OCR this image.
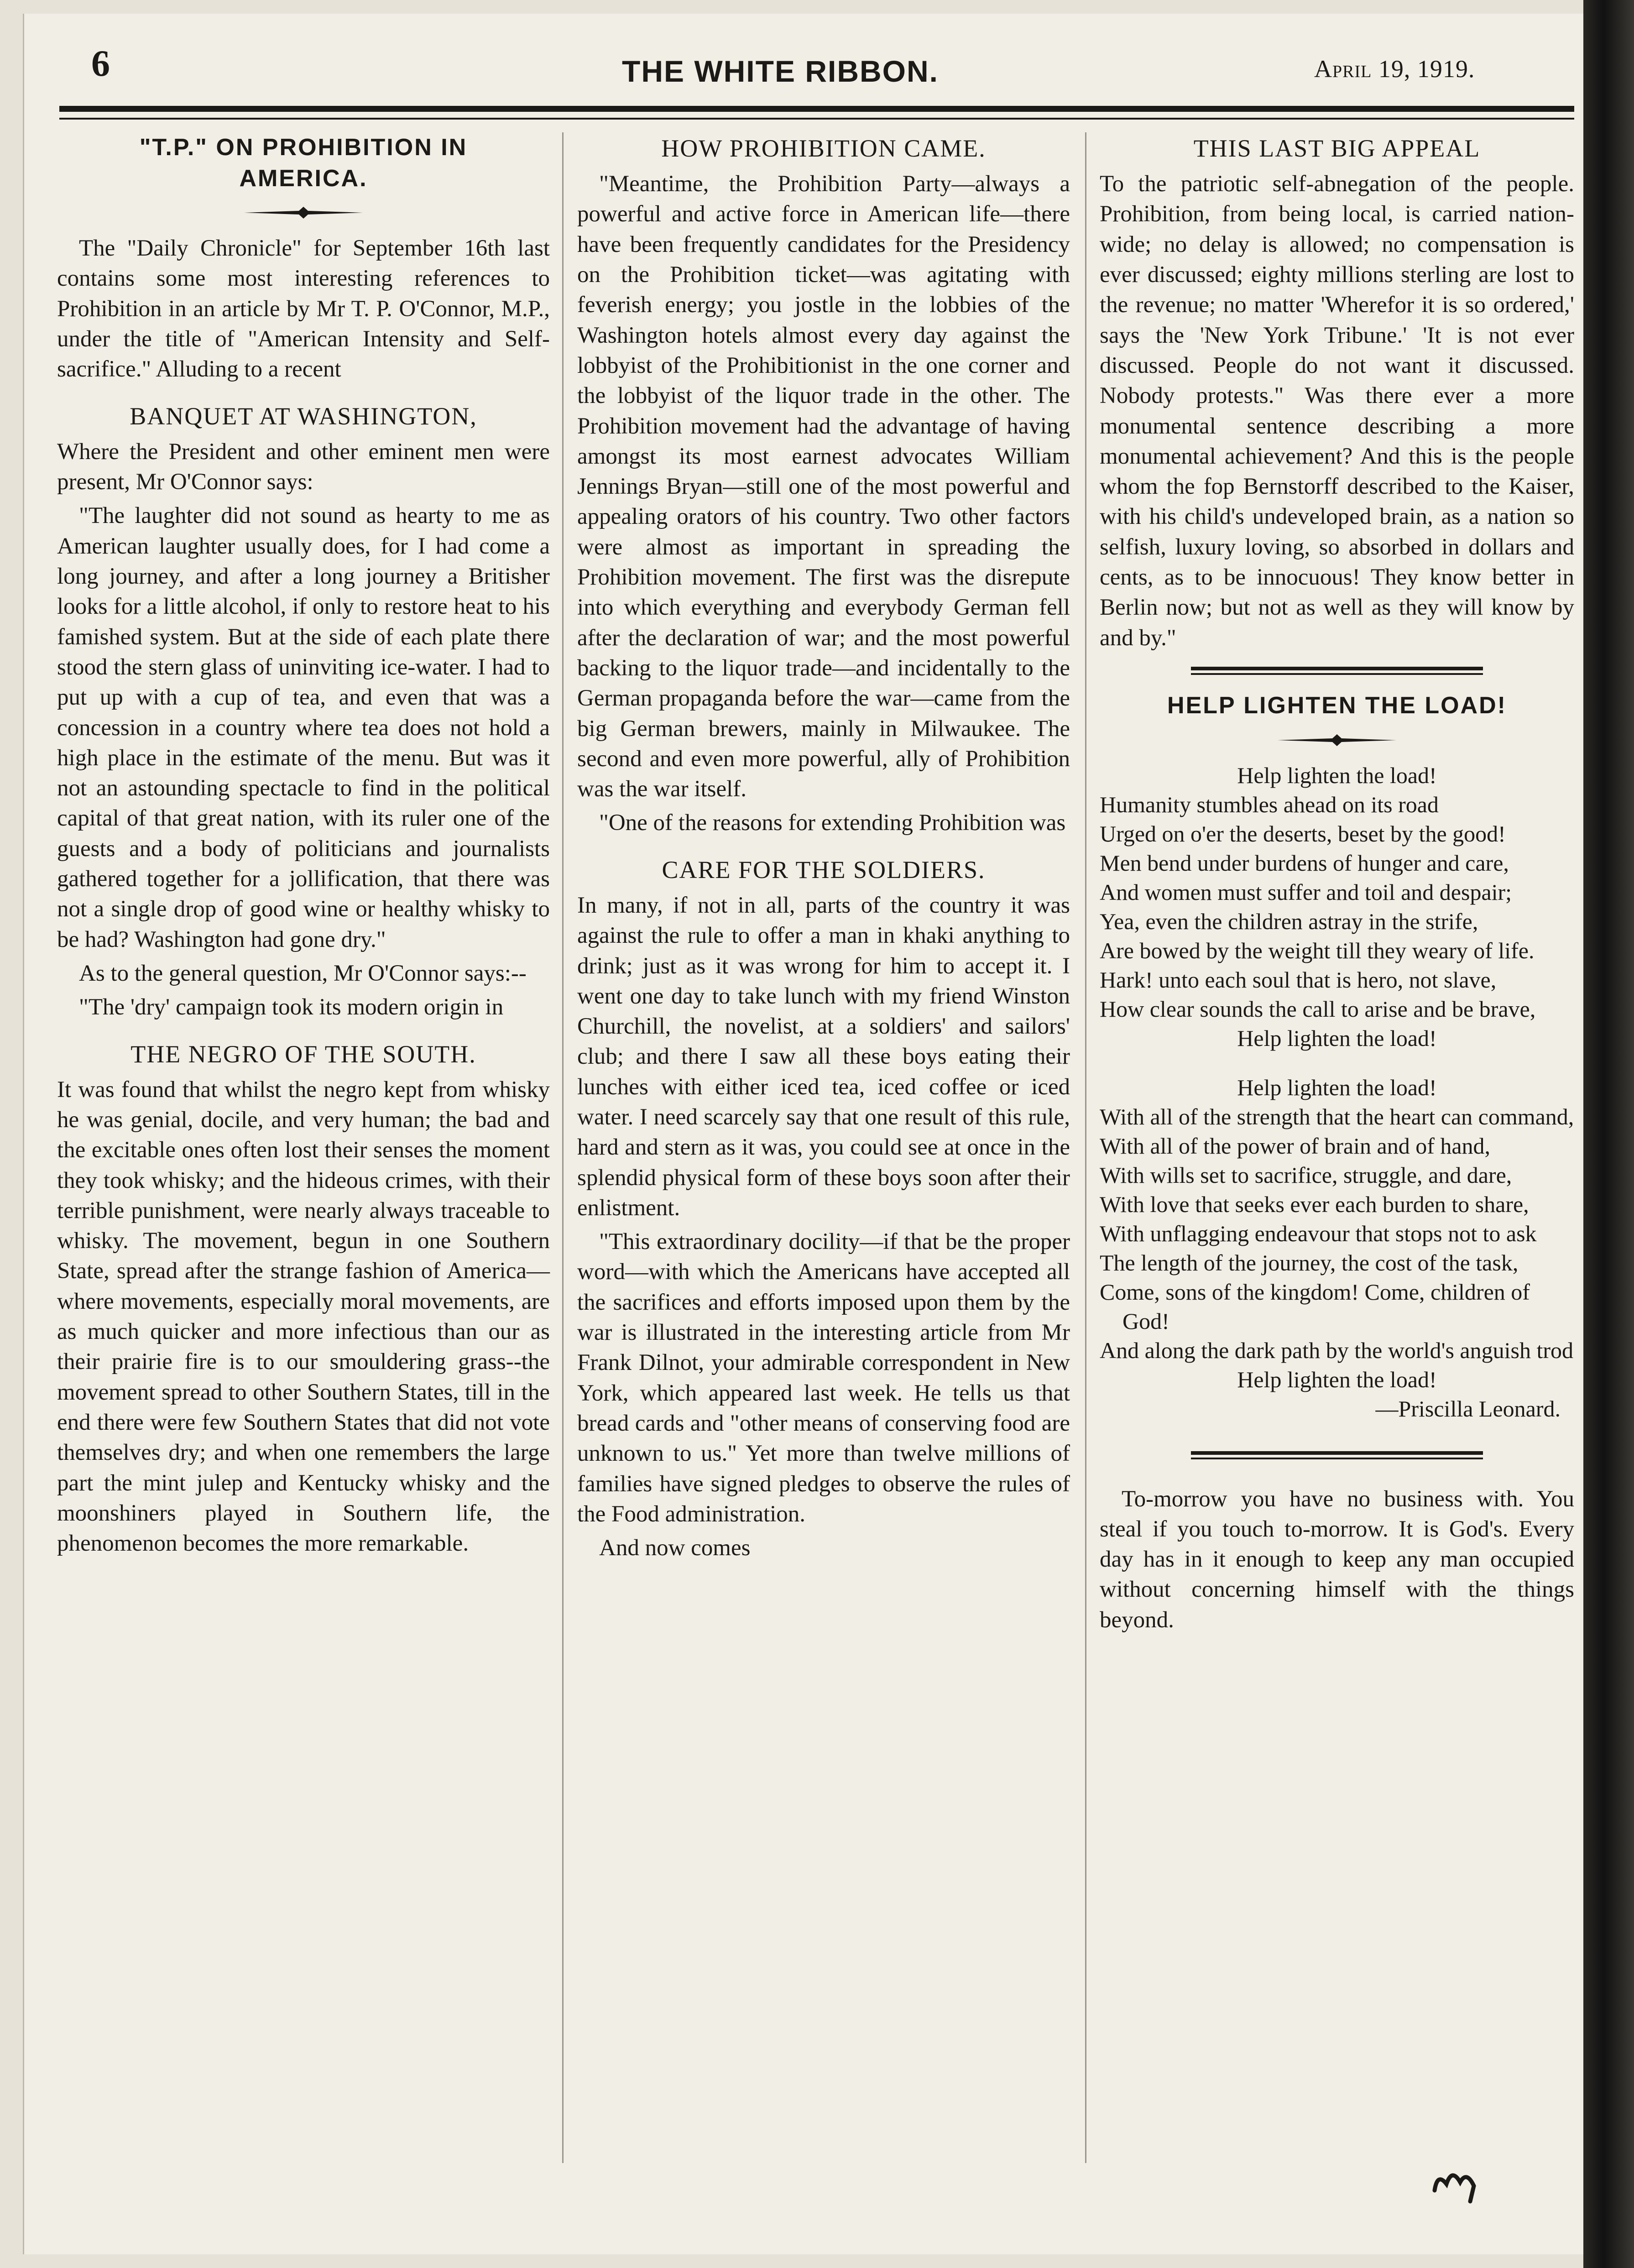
6	THE WHITE RIBBON.	April 19, 1919.
"T.P." ON PROHIBITION IN
AMERICA.

The "Daily Chronicle" for September 16th last contains some most interesting references to Prohibition in an article by Mr T. P. O'Connor, M.P., under the title of "American Intensity and Self-sacrifice." Alluding to a recent

BANQUET AT WASHINGTON,

Where the President and other eminent men were present, Mr O'Connor says:

"The laughter did not sound as hearty to me as American laughter usually does, for I had come a long journey, and after a long journey a Britisher looks for a little alcohol, if only to restore heat to his famished system. But at the side of each plate there stood the stern glass of uninviting ice-water. I had to put up with a cup of tea, and even that was a concession in a country where tea does not hold a high place in the estimate of the menu. But was it not an astounding spectacle to find in the political capital of that great nation, with its ruler one of the guests and a body of politicians and journalists gathered together for a jollification, that there was not a single drop of good wine or healthy whisky to be had? Washington had gone dry."

As to the general question, Mr O'Connor says:--

"The 'dry' campaign took its modern origin in

THE NEGRO OF THE SOUTH.

It was found that whilst the negro kept from whisky he was genial, docile, and very human; the bad and the excitable ones often lost their senses the moment they took whisky; and the hideous crimes, with their terrible punishment, were nearly always traceable to whisky. The movement, begun in one Southern State, spread after the strange fashion of America—where movements, especially moral movements, are as much quicker and more infectious than our as their prairie fire is to our smouldering grass--the movement spread to other Southern States, till in the end there were few Southern States that did not vote themselves dry; and when one remembers the large part the mint julep and Kentucky whisky and the moonshiners played in Southern life, the phenomenon becomes the more remarkable.

HOW PROHIBITION CAME.

"Meantime, the Prohibition Party—always a powerful and active force in American life—there have been frequently candidates for the Presidency on the Prohibition ticket—was agitating with feverish energy; you jostle in the lobbies of the Washington hotels almost every day against the lobbyist of the Prohibitionist in the one corner and the lobbyist of the liquor trade in the other. The Prohibition movement had the advantage of having amongst its most earnest advocates William Jennings Bryan—still one of the most powerful and appealing orators of his country. Two other factors were almost as important in spreading the Prohibition movement. The first was the disrepute into which everything and everybody German fell after the declaration of war; and the most powerful backing to the liquor trade—and incidentally to the German propaganda before the war—came from the big German brewers, mainly in Milwaukee. The second and even more powerful, ally of Prohibition was the war itself.

"One of the reasons for extending Prohibition was

CARE FOR THE SOLDIERS.

In many, if not in all, parts of the country it was against the rule to offer a man in khaki anything to drink; just as it was wrong for him to accept it. I went one day to take lunch with my friend Winston Churchill, the novelist, at a soldiers' and sailors' club; and there I saw all these boys eating their lunches with either iced tea, iced coffee or iced water. I need scarcely say that one result of this rule, hard and stern as it was, you could see at once in the splendid physical form of these boys soon after their enlistment.

"This extraordinary docility—if that be the proper word—with which the Americans have accepted all the sacrifices and efforts imposed upon them by the war is illustrated in the interesting article from Mr Frank Dilnot, your admirable correspondent in New York, which appeared last week. He tells us that bread cards and "other means of conserving food are unknown to us." Yet more than twelve millions of families have signed pledges to observe the rules of the Food administration.

And now comes

THIS LAST BIG APPEAL

To the patriotic self-abnegation of the people. Prohibition, from being local, is carried nation-wide; no delay is allowed; no compensation is ever discussed; eighty millions sterling are lost to the revenue; no matter 'Wherefor it is so ordered,' says the 'New York Tribune.' 'It is not ever discussed. People do not want it discussed. Nobody protests." Was there ever a more monumental sentence describing a more monumental achievement? And this is the people whom the fop Bernstorff described to the Kaiser, with his child's undeveloped brain, as a nation so selfish, luxury loving, so absorbed in dollars and cents, as to be innocuous! They know better in Berlin now; but not as well as they will know by and by."

HELP LIGHTEN THE LOAD!
Help lighten the load!
Humanity stumbles ahead on its road
Urged on o'er the deserts, beset by the good!
Men bend under burdens of hunger and care,
And women must suffer and toil and despair;
Yea, even the children astray in the strife,
Are bowed by the weight till they weary of life.
Hark! unto each soul that is hero, not slave,
How clear sounds the call to arise and be brave,
Help lighten the load!
Help lighten the load!
With all of the strength that the heart can command,
With all of the power of brain and of hand,
With wills set to sacrifice, struggle, and dare,
With love that seeks ever each burden to share,
With unflagging endeavour that stops not to ask
The length of the journey, the cost of the task,
Come, sons of the kingdom! Come, children of God!
And along the dark path by the world's anguish trod
Help lighten the load!
—Priscilla Leonard.

To-morrow you have no business with. You steal if you touch to-morrow. It is God's. Every day has in it enough to keep any man occupied without concerning himself with the things beyond.
